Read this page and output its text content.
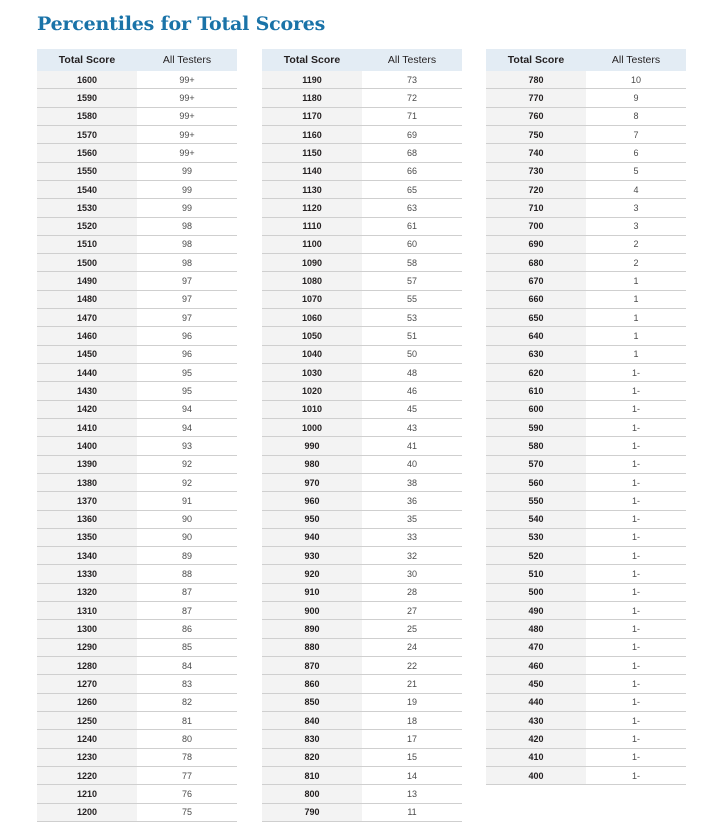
Percentiles for Total Scores
Total Score	All Testers
1600	99+
1590	99+
1580	99+
1570	99+
1560	99+
1550	99
1540	99
1530	99
1520	98
1510	98
1500	98
1490	97
1480	97
1470	97
1460	96
1450	96
1440	95
1430	95
1420	94
1410	94
1400	93
1390	92
1380	92
1370	91
1360	90
1350	90
1340	89
1330	88
1320	87
1310	87
1300	86
1290	85
1280	84
1270	83
1260	82
1250	81
1240	80
1230	78
1220	77
1210	76
1200	75
Total Score	All Testers
1190	73
1180	72
1170	71
1160	69
1150	68
1140	66
1130	65
1120	63
1110	61
1100	60
1090	58
1080	57
1070	55
1060	53
1050	51
1040	50
1030	48
1020	46
1010	45
1000	43
990	41
980	40
970	38
960	36
950	35
940	33
930	32
920	30
910	28
900	27
890	25
880	24
870	22
860	21
850	19
840	18
830	17
820	15
810	14
800	13
790	11
Total Score	All Testers
780	10
770	9
760	8
750	7
740	6
730	5
720	4
710	3
700	3
690	2
680	2
670	1
660	1
650	1
640	1
630	1
620	1-
610	1-
600	1-
590	1-
580	1-
570	1-
560	1-
550	1-
540	1-
530	1-
520	1-
510	1-
500	1-
490	1-
480	1-
470	1-
460	1-
450	1-
440	1-
430	1-
420	1-
410	1-
400	1-
